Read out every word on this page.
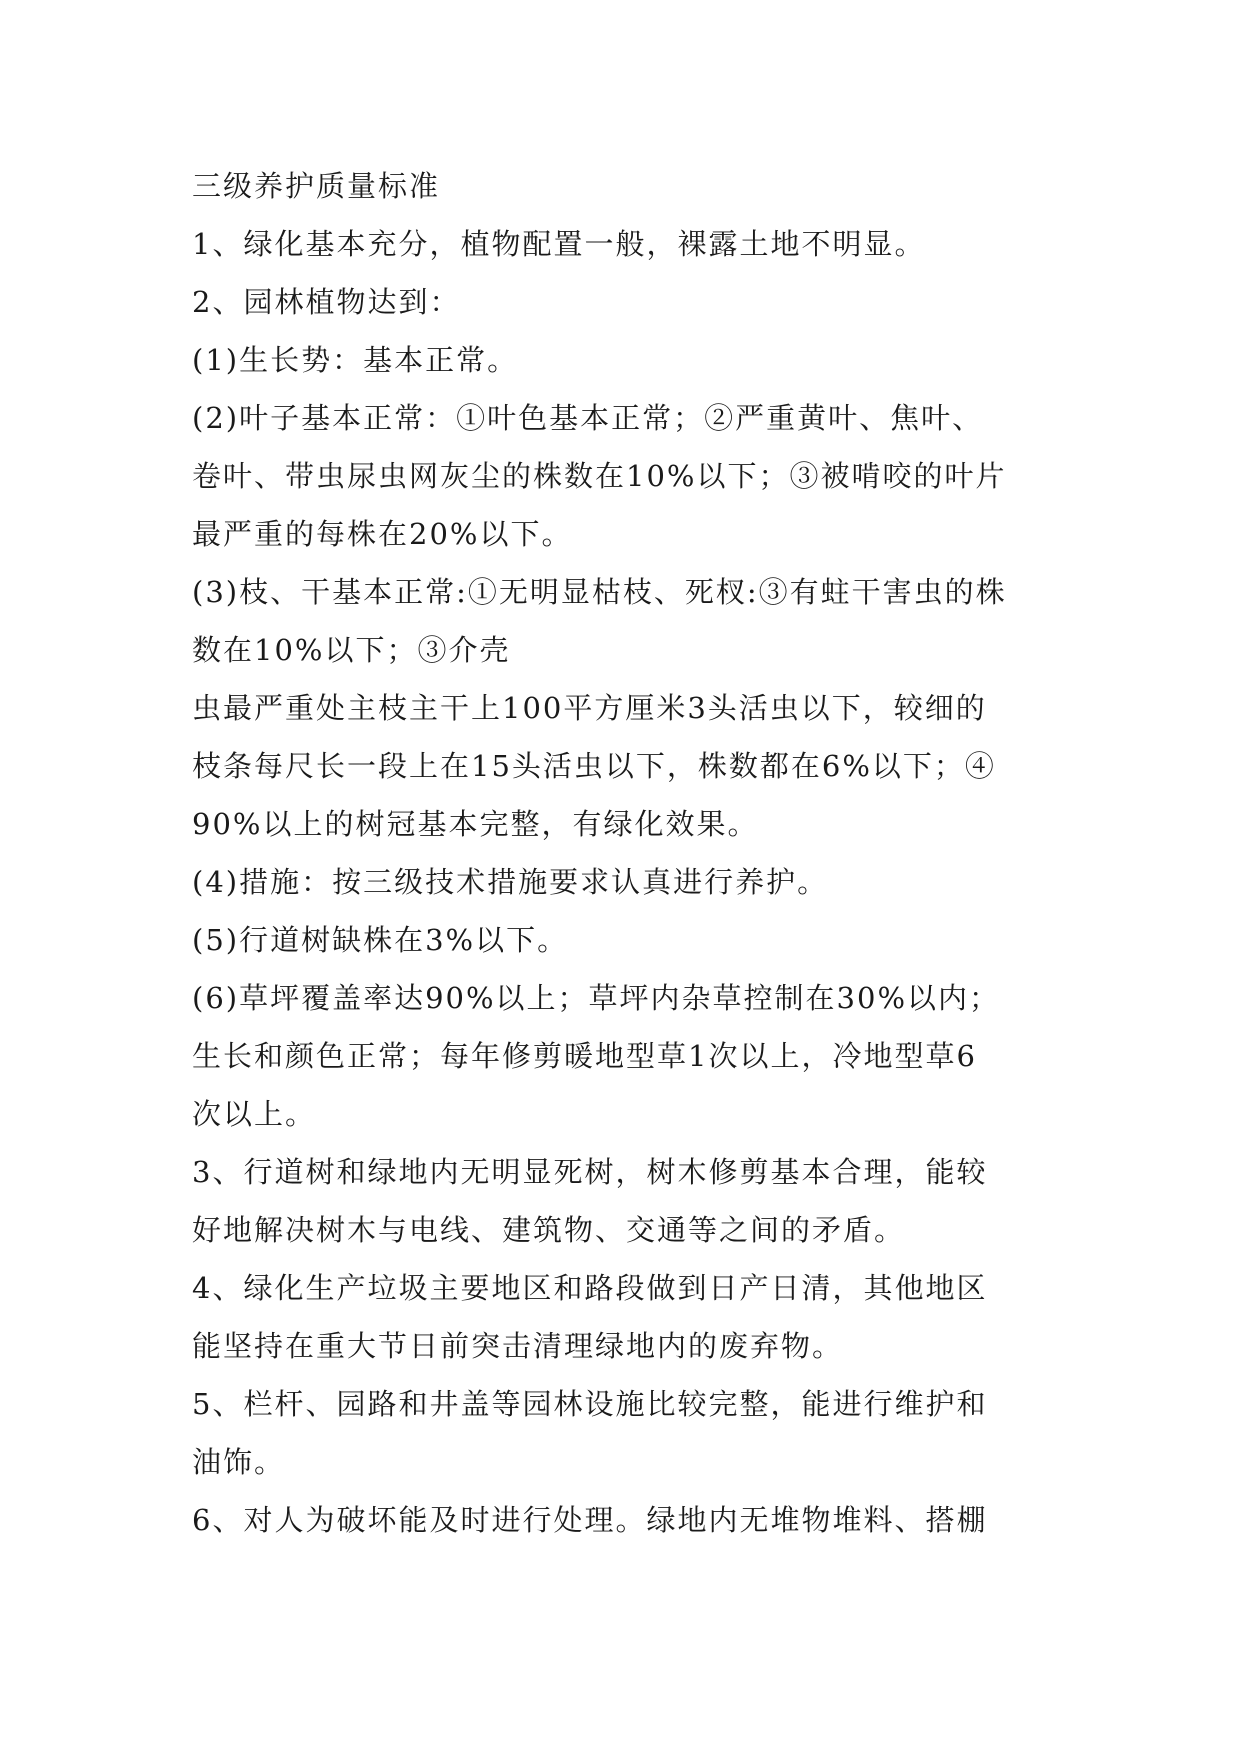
三级养护质量标准
1、绿化基本充分，植物配置一般，裸露土地不明显。
2、园林植物达到：
(1)生长势：基本正常。
(2)叶子基本正常：①叶色基本正常；②严重黄叶、焦叶、
卷叶、带虫尿虫网灰尘的株数在10%以下；③被啃咬的叶片
最严重的每株在20%以下。
(3)枝、干基本正常:①无明显枯枝、死杈:③有蛀干害虫的株
数在10%以下；③介壳
虫最严重处主枝主干上100平方厘米3头活虫以下，较细的
枝条每尺长一段上在15头活虫以下，株数都在6%以下；④
90%以上的树冠基本完整，有绿化效果。
(4)措施：按三级技术措施要求认真进行养护。
(5)行道树缺株在3%以下。
(6)草坪覆盖率达90%以上；草坪内杂草控制在30%以内；
生长和颜色正常；每年修剪暖地型草1次以上，冷地型草6
次以上。
3、行道树和绿地内无明显死树，树木修剪基本合理，能较
好地解决树木与电线、建筑物、交通等之间的矛盾。
4、绿化生产垃圾主要地区和路段做到日产日清，其他地区
能坚持在重大节日前突击清理绿地内的废弃物。
5、栏杆、园路和井盖等园林设施比较完整，能进行维护和
油饰。
6、对人为破坏能及时进行处理。绿地内无堆物堆料、搭棚
